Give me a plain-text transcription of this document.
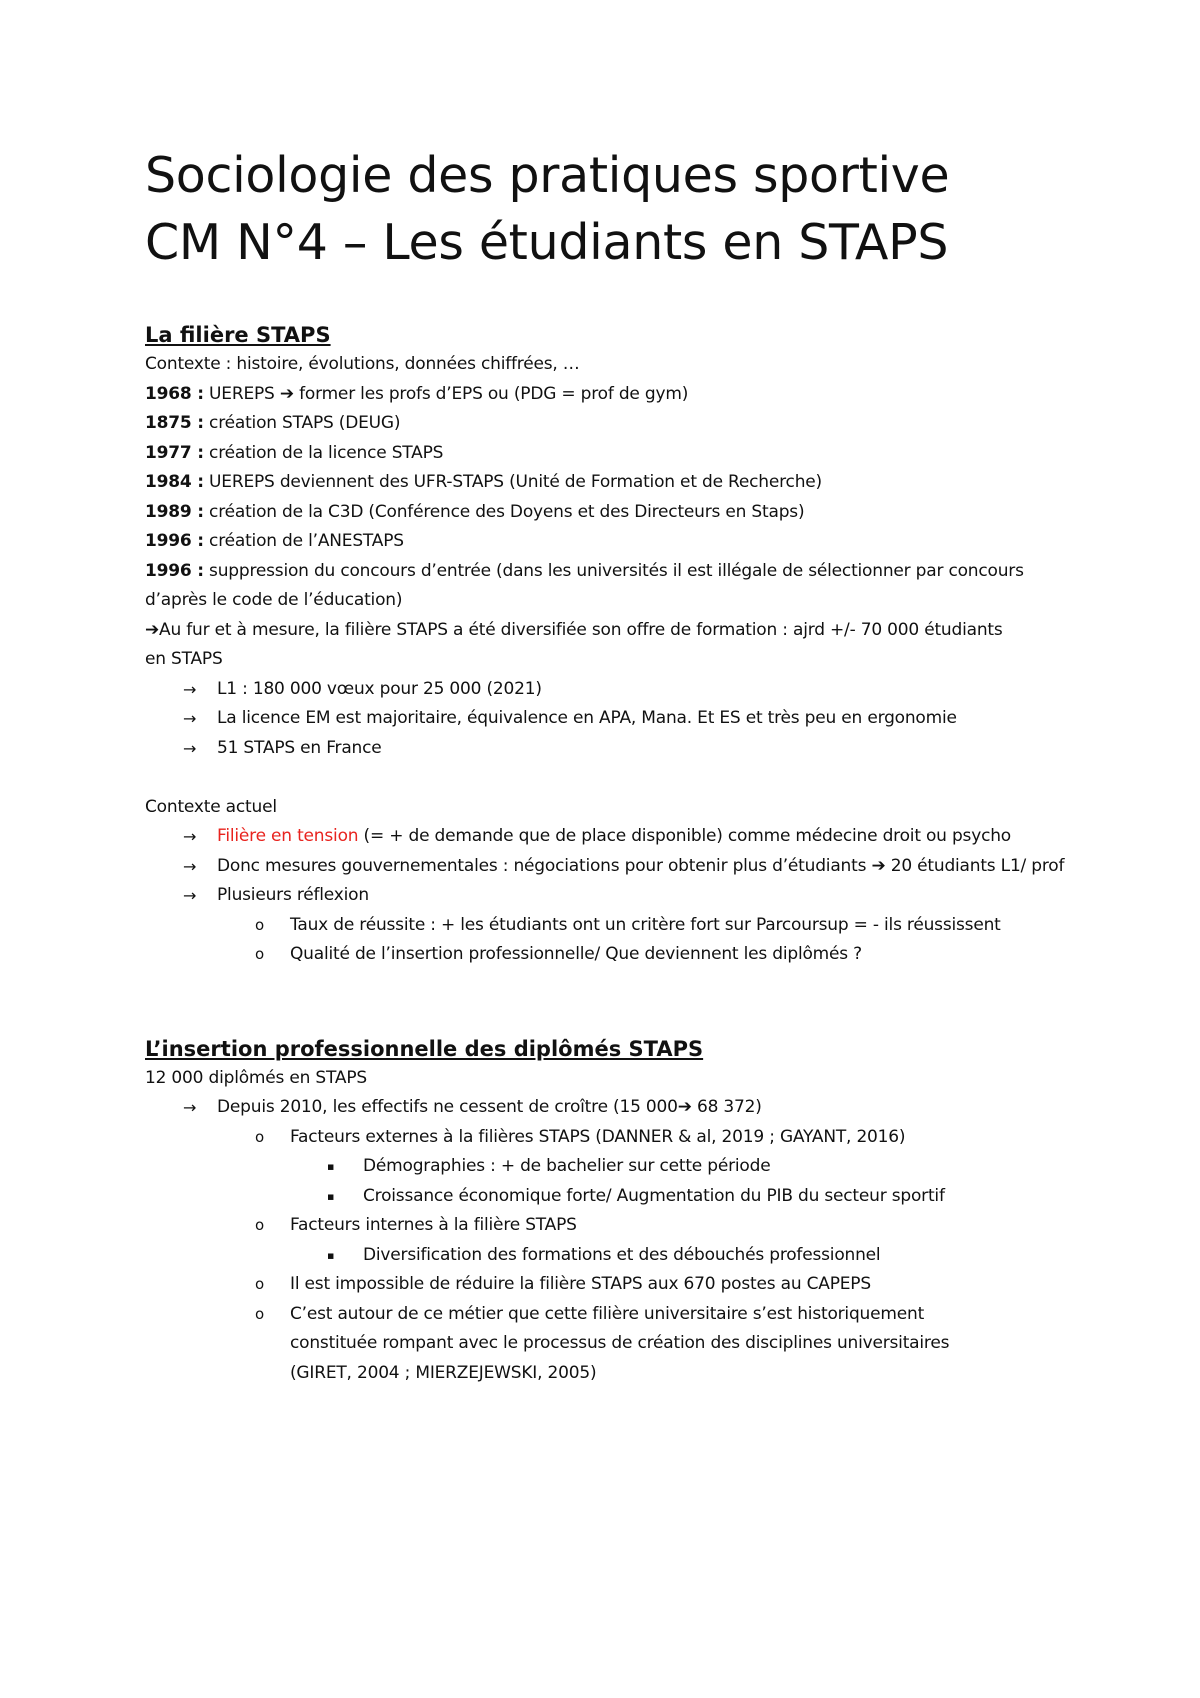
Sociologie des pratiques sportive
CM N°4 – Les étudiants en STAPS
La filière STAPS
Contexte : histoire, évolutions, données chiffrées, …
1968 : UEREPS ➔ former les profs d’EPS ou (PDG = prof de gym)
1875 : création STAPS (DEUG)
1977 : création de la licence STAPS
1984 : UEREPS deviennent des UFR-STAPS (Unité de Formation et de Recherche)
1989 : création de la C3D (Conférence des Doyens et des Directeurs en Staps)
1996 : création de l’ANESTAPS
1996 : suppression du concours d’entrée (dans les universités il est illégale de sélectionner par concours d’après le code de l’éducation)
➔Au fur et à mesure, la filière STAPS a été diversifiée son offre de formation : ajrd +/- 70 000 étudiants en STAPS
→ L1 : 180 000 vœux pour 25 000 (2021)
→ La licence EM est majoritaire, équivalence en APA, Mana. Et ES et très peu en ergonomie
→ 51 STAPS en France
Contexte actuel
→ Filière en tension (= + de demande que de place disponible) comme médecine droit ou psycho
→ Donc mesures gouvernementales : négociations pour obtenir plus d’étudiants ➔ 20 étudiants L1/ prof
→ Plusieurs réflexion
o Taux de réussite : + les étudiants ont un critère fort sur Parcoursup = - ils réussissent
o Qualité de l’insertion professionnelle/ Que deviennent les diplômés ?
L’insertion professionnelle des diplômés STAPS
12 000 diplômés en STAPS
→ Depuis 2010, les effectifs ne cessent de croître (15 000➔ 68 372)
o Facteurs externes à la filières STAPS (DANNER & al, 2019 ; GAYANT, 2016)
▪ Démographies : + de bachelier sur cette période
▪ Croissance économique forte/ Augmentation du PIB du secteur sportif
o Facteurs internes à la filière STAPS
▪ Diversification des formations et des débouchés professionnel
o Il est impossible de réduire la filière STAPS aux 670 postes au CAPEPS
o C’est autour de ce métier que cette filière universitaire s’est historiquement constituée rompant avec le processus de création des disciplines universitaires (GIRET, 2004 ; MIERZEJEWSKI, 2005)
